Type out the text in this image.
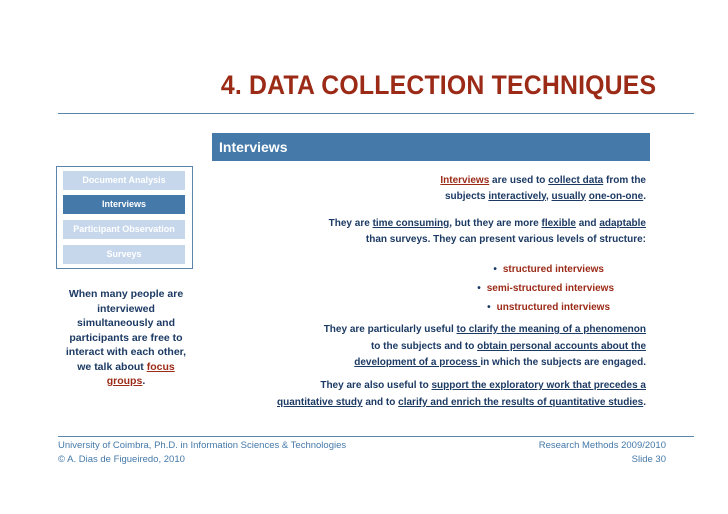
4. DATA COLLECTION TECHNIQUES
Interviews
Document Analysis
Interviews
Participant Observation
Surveys
When many people are interviewed simultaneously and participants are free to interact with each other, we talk about focus groups.
Interviews are used to collect data from the subjects interactively, usually one-on-one.
They are time consuming, but they are more flexible and adaptable than surveys. They can present various levels of structure:
• structured interviews
• semi-structured interviews
• unstructured interviews
They are particularly useful to clarify the meaning of a phenomenon to the subjects and to obtain personal accounts about the development of a process in which the subjects are engaged.
They are also useful to support the exploratory work that precedes a quantitative study and to clarify and enrich the results of quantitative studies.
University of Coimbra, Ph.D. in Information Sciences & Technologies
© A. Dias de Figueiredo, 2010
Research Methods 2009/2010
Slide 30
